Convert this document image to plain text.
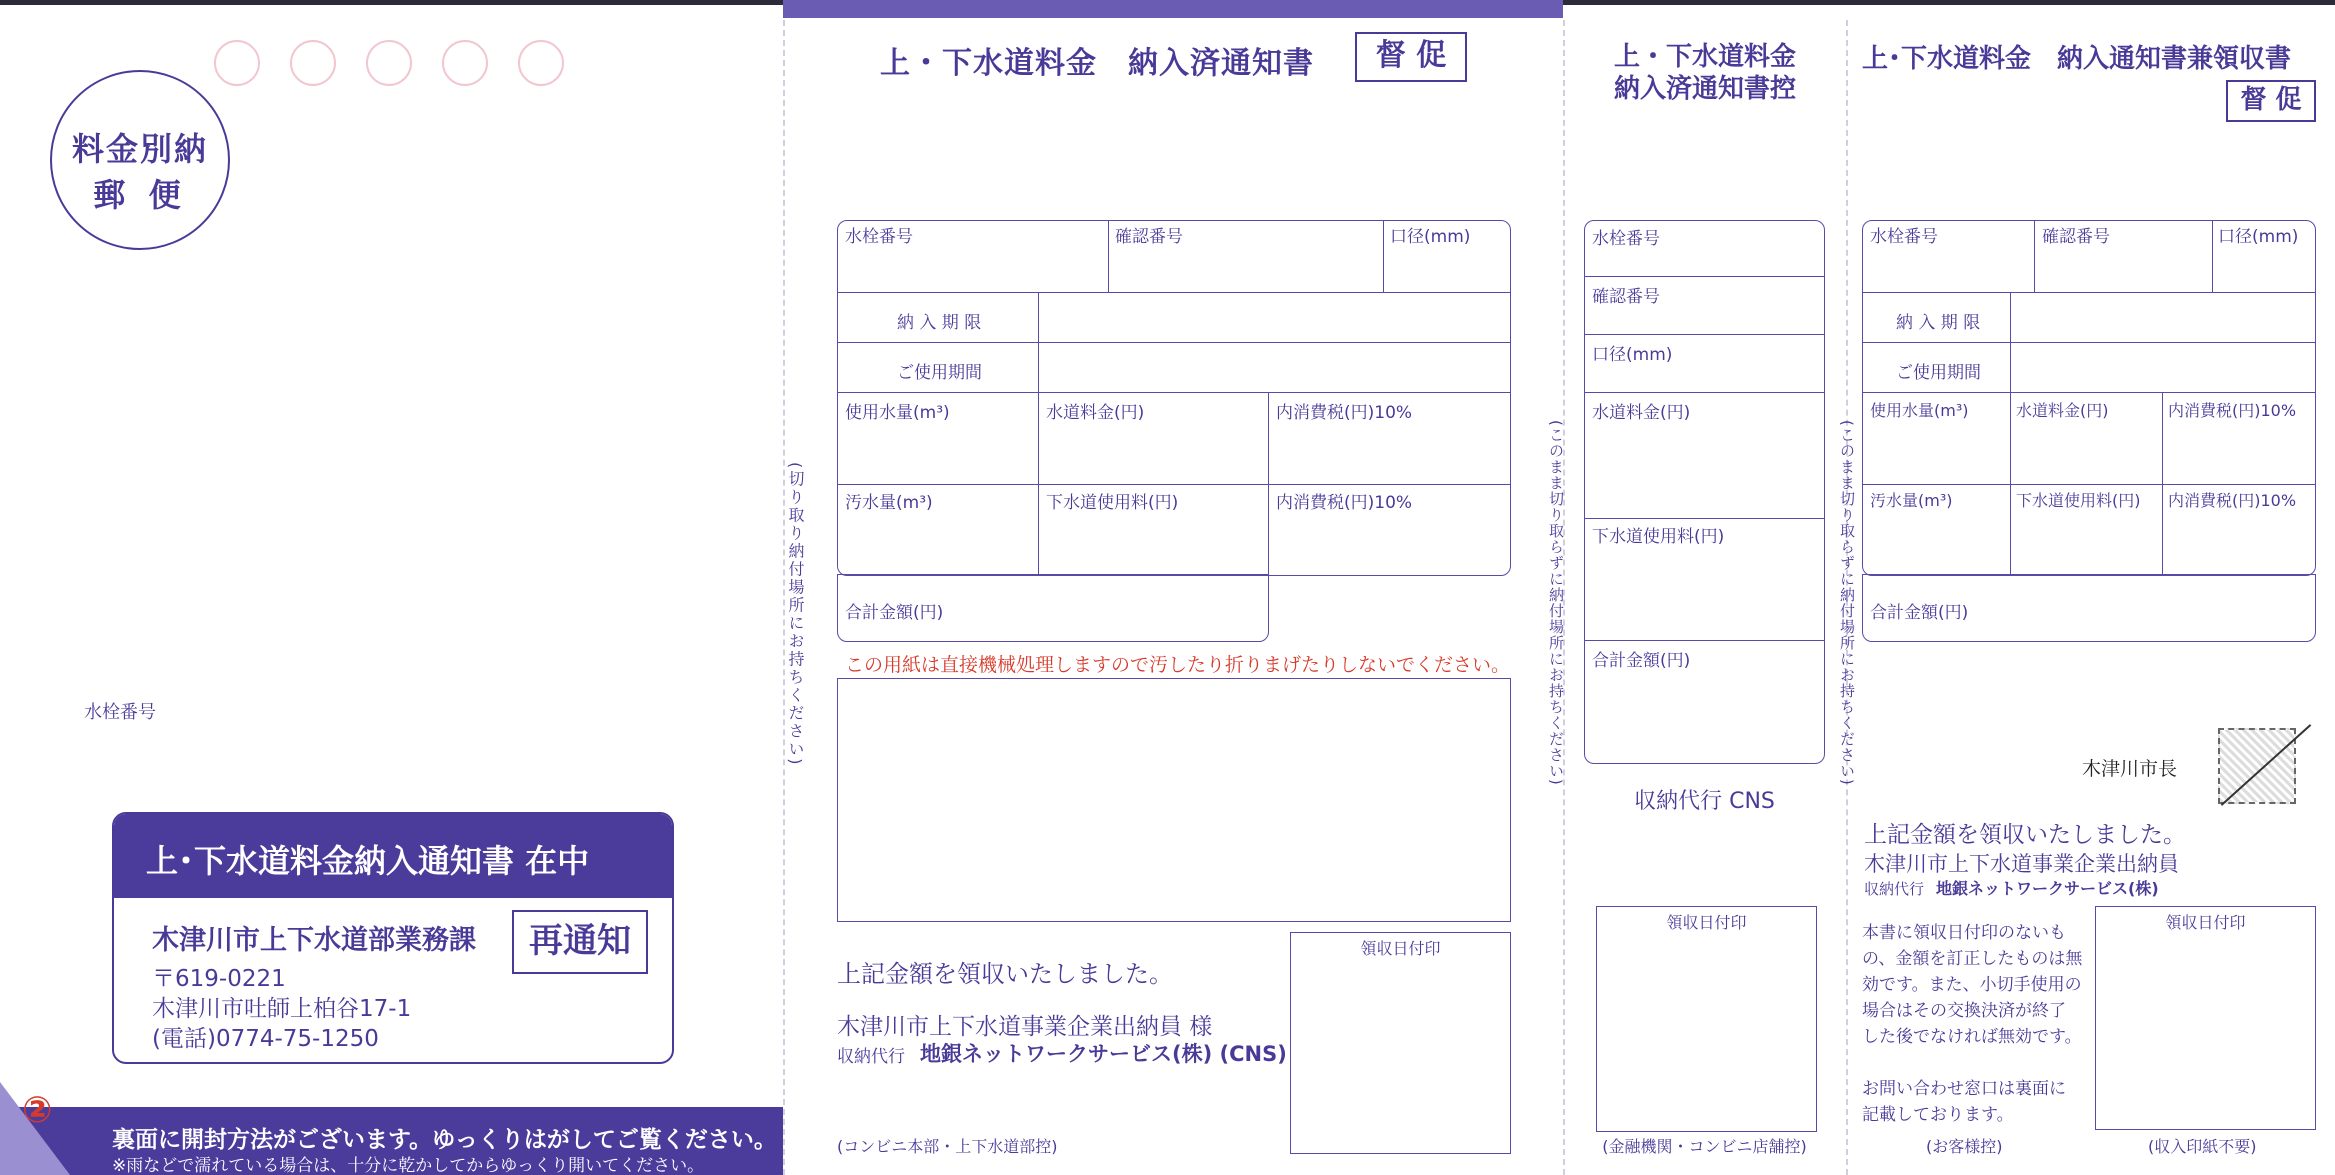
料金別納
郵 便
水栓番号
上･下水道料金納入通知書 在中
木津川市上下水道部業務課	再通知
〒619-0221
木津川市吐師上柏谷17-1
(電話)0774-75-1250
裏面に開封方法がございます。ゆっくりはがしてご覧ください。
※雨などで濡れている場合は、十分に乾かしてからゆっくり開いてください。
②
(切り取り納付場所にお持ちください)
上・下水道料金　納入済通知書	督 促
水栓番号	確認番号	口径(mm)
納 入 期 限
ご使用期間
使用水量(m³)	水道料金(円)	内消費税(円)10%
汚水量(m³)	下水道使用料(円)	内消費税(円)10%
合計金額(円)
この用紙は直接機械処理しますので汚したり折りまげたりしないでください。
上記金額を領収いたしました。
木津川市上下水道事業企業出納員 様
収納代行 地銀ネットワークサービス(株) (CNS)
領収日付印
(コンビニ本部・上下水道部控)
(このまま切り取らずに納付場所にお持ちください)
上・下水道料金
納入済通知書控
水栓番号
確認番号
口径(mm)
水道料金(円)
下水道使用料(円)
合計金額(円)
収納代行 CNS
領収日付印
(金融機関・コンビニ店舗控)
(このまま切り取らずに納付場所にお持ちください)
上･下水道料金　納入通知書兼領収書
督 促
水栓番号	確認番号	口径(mm)
納 入 期 限
ご使用期間
使用水量(m³)	水道料金(円)	内消費税(円)10%
汚水量(m³)	下水道使用料(円) 内消費税(円)10%
合計金額(円)
木津川市長
上記金額を領収いたしました。
木津川市上下水道事業企業出納員
収納代行 地銀ネットワークサービス(株)
本書に領収日付印のないも
の、金額を訂正したものは無
効です。また、小切手使用の
場合はその交換決済が終了
した後でなければ無効です。
お問い合わせ窓口は裏面に
記載しております。
領収日付印
(お客様控)	(収入印紙不要)
